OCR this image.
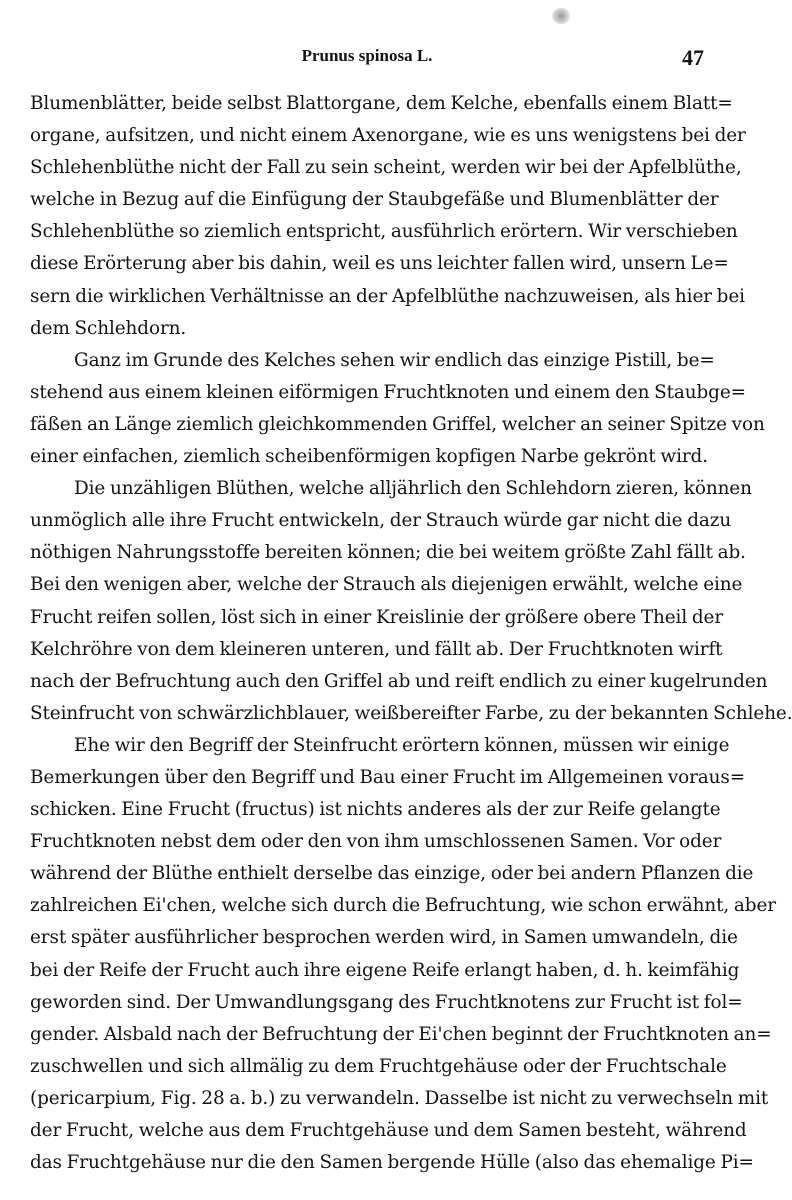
Prunus spinosa L.	47
Blumenblätter, beide selbst Blattorgane, dem Kelche, ebenfalls einem Blatt=
organe, aufsitzen, und nicht einem Axenorgane, wie es uns wenigstens bei der
Schlehenblüthe nicht der Fall zu sein scheint, werden wir bei der Apfelblüthe,
welche in Bezug auf die Einfügung der Staubgefäße und Blumenblätter der
Schlehenblüthe so ziemlich entspricht, ausführlich erörtern. Wir verschieben
diese Erörterung aber bis dahin, weil es uns leichter fallen wird, unsern Le=
sern die wirklichen Verhältnisse an der Apfelblüthe nachzuweisen, als hier bei
dem Schlehdorn.
Ganz im Grunde des Kelches sehen wir endlich das einzige Pistill, be=
stehend aus einem kleinen eiförmigen Fruchtknoten und einem den Staubge=
fäßen an Länge ziemlich gleichkommenden Griffel, welcher an seiner Spitze von
einer einfachen, ziemlich scheibenförmigen kopfigen Narbe gekrönt wird.
Die unzähligen Blüthen, welche alljährlich den Schlehdorn zieren, können
unmöglich alle ihre Frucht entwickeln, der Strauch würde gar nicht die dazu
nöthigen Nahrungsstoffe bereiten können; die bei weitem größte Zahl fällt ab.
Bei den wenigen aber, welche der Strauch als diejenigen erwählt, welche eine
Frucht reifen sollen, löst sich in einer Kreislinie der größere obere Theil der
Kelchröhre von dem kleineren unteren, und fällt ab. Der Fruchtknoten wirft
nach der Befruchtung auch den Griffel ab und reift endlich zu einer kugelrunden
Steinfrucht von schwärzlichblauer, weißbereifter Farbe, zu der bekannten Schlehe.
Ehe wir den Begriff der Steinfrucht erörtern können, müssen wir einige
Bemerkungen über den Begriff und Bau einer Frucht im Allgemeinen voraus=
schicken. Eine Frucht (fructus) ist nichts anderes als der zur Reife gelangte
Fruchtknoten nebst dem oder den von ihm umschlossenen Samen. Vor oder
während der Blüthe enthielt derselbe das einzige, oder bei andern Pflanzen die
zahlreichen Ei'chen, welche sich durch die Befruchtung, wie schon erwähnt, aber
erst später ausführlicher besprochen werden wird, in Samen umwandeln, die
bei der Reife der Frucht auch ihre eigene Reife erlangt haben, d. h. keimfähig
geworden sind. Der Umwandlungsgang des Fruchtknotens zur Frucht ist fol=
gender. Alsbald nach der Befruchtung der Ei'chen beginnt der Fruchtknoten an=
zuschwellen und sich allmälig zu dem Fruchtgehäuse oder der Fruchtschale
(pericarpium, Fig. 28 a. b.) zu verwandeln. Dasselbe ist nicht zu verwechseln mit
der Frucht, welche aus dem Fruchtgehäuse und dem Samen besteht, während
das Fruchtgehäuse nur die den Samen bergende Hülle (also das ehemalige Pi=
